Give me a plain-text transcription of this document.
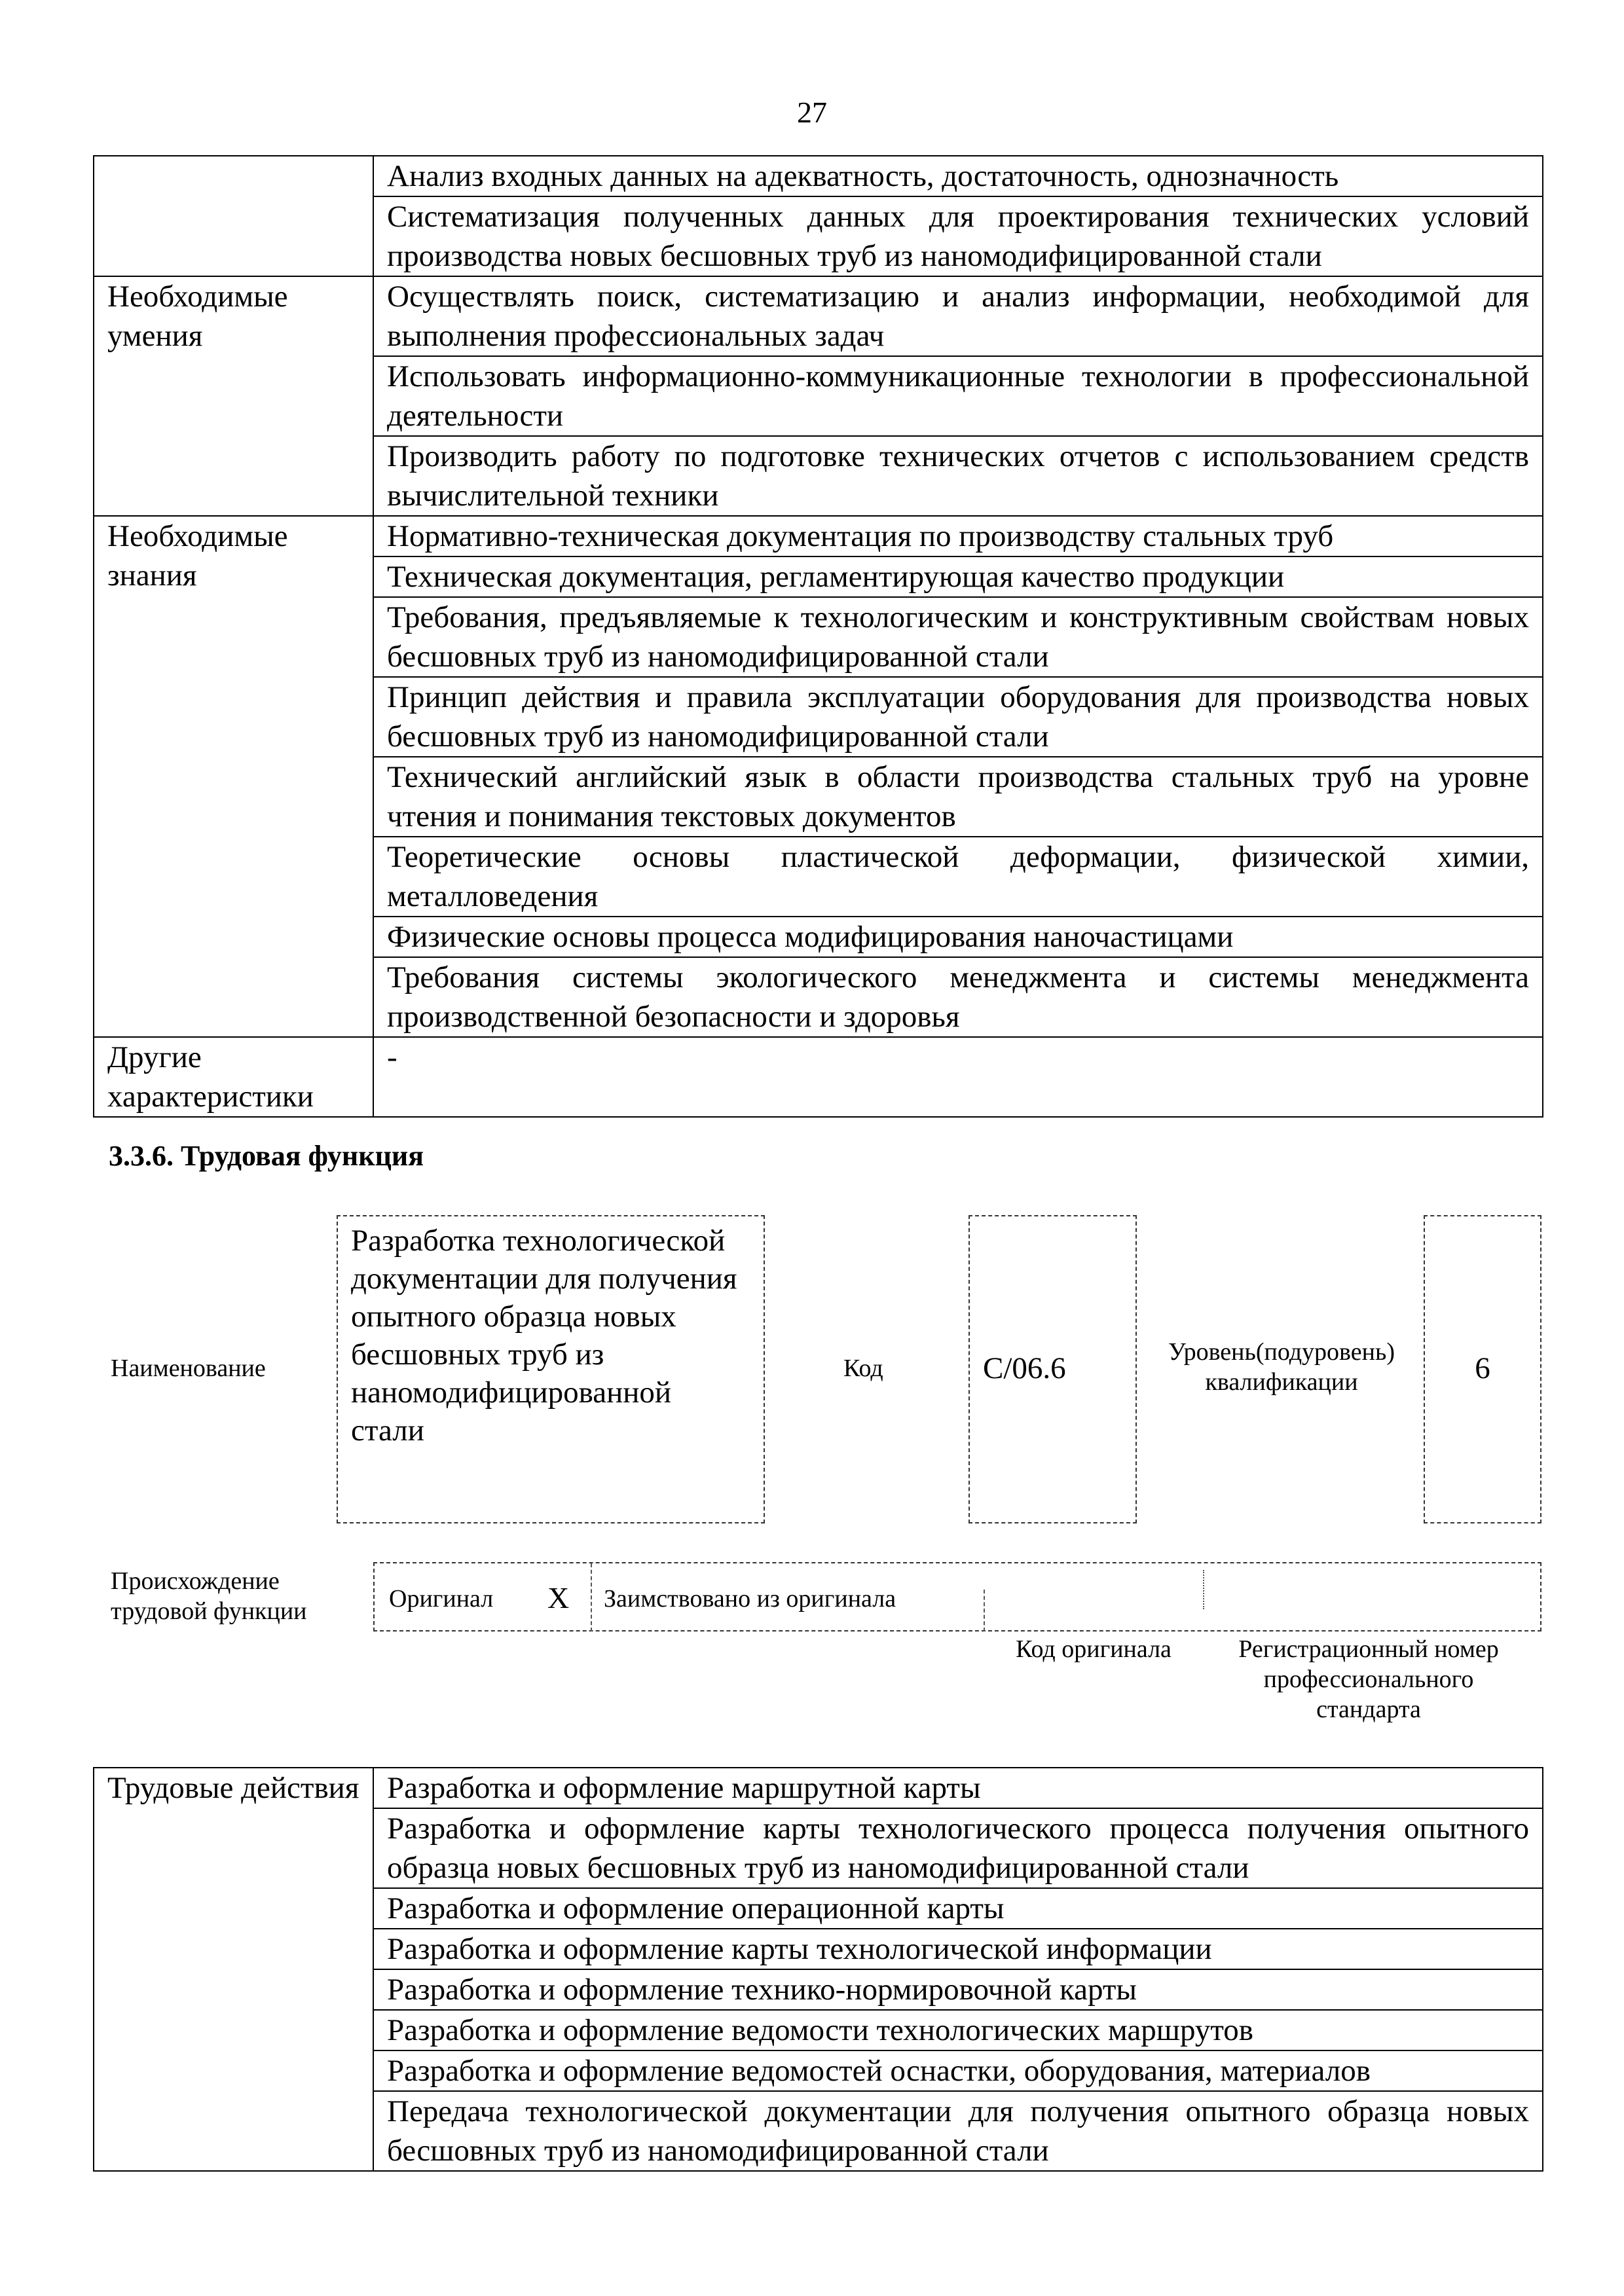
27
	Анализ входных данных на адекватность, достаточность, однозначность
	Систематизация полученных данных для проектирования технических условий производства новых бесшовных труб из наномодифицированной стали
Необходимые умения	Осуществлять поиск, систематизацию и анализ информации, необходимой для выполнения профессиональных задач
	Использовать информационно-коммуникационные технологии в профессиональной деятельности
	Производить работу по подготовке технических отчетов с использованием средств вычислительной техники
Необходимые знания	Нормативно-техническая документация по производству стальных труб
	Техническая документация, регламентирующая качество продукции
	Требования, предъявляемые к технологическим и конструктивным свойствам новых бесшовных труб из наномодифицированной стали
	Принцип действия и правила эксплуатации оборудования для производства новых бесшовных труб из наномодифицированной стали
	Технический английский язык в области производства стальных труб на уровне чтения и понимания текстовых документов
	Теоретические основы пластической деформации, физической химии, металловедения
	Физические основы процесса модифицирования наночастицами
	Требования системы экологического менеджмента и системы менеджмента производственной безопасности и здоровья
Другие характеристики	-
3.3.6. Трудовая функция
Наименование
Разработка технологической документации для получения опытного образца новых бесшовных труб из наномодифицированной стали
Код	C/06.6	Уровень(подуровень) квалификации	6
Происхождение трудовой функции	Оригинал X Заимствовано из оригинала
Код оригинала	Регистрационный номер профессионального стандарта
Трудовые действия	Разработка и оформление маршрутной карты
Разработка и оформление карты технологического процесса получения опытного образца новых бесшовных труб из наномодифицированной стали
Разработка и оформление операционной карты
Разработка и оформление карты технологической информации
Разработка и оформление технико-нормировочной карты
Разработка и оформление ведомости технологических маршрутов
Разработка и оформление ведомостей оснастки, оборудования, материалов
Передача технологической документации для получения опытного образца новых бесшовных труб из наномодифицированной стали
